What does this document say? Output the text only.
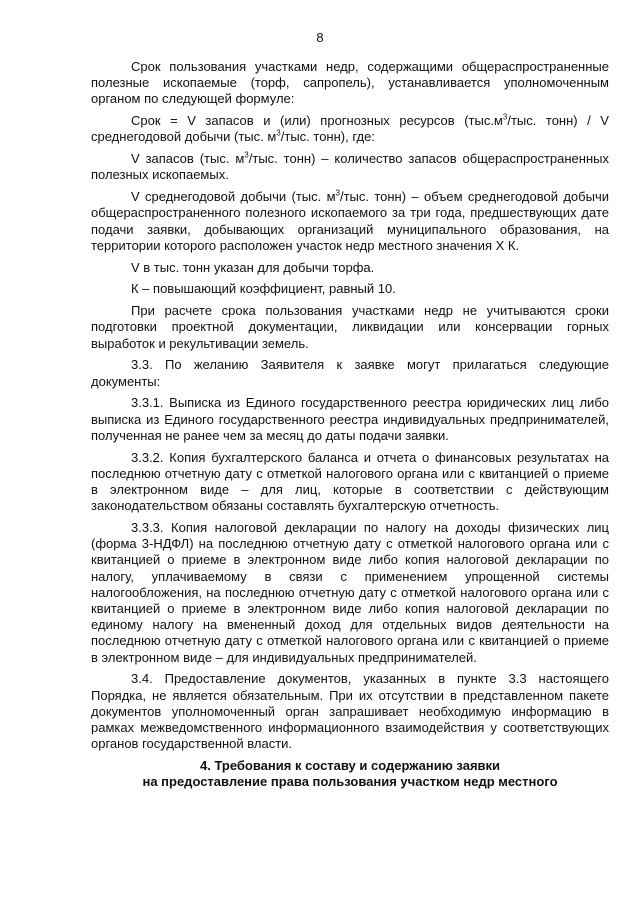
8

Срок пользования участками недр, содержащими общераспространенные полезные ископаемые (торф, сапропель), устанавливается уполномоченным органом по следующей формуле:

Срок = V запасов и (или) прогнозных ресурсов ($тыс.м^3$/тыс. тонн) / V среднегодовой добычи (тыс. $м^3$/тыс. тонн), где:

V запасов (тыс. $м^3$/тыс. тонн) – количество запасов общераспространенных полезных ископаемых.

V среднегодовой добычи (тыс. $м^3$/тыс. тонн) – объем среднегодовой добычи общераспространенного полезного ископаемого за три года, предшествующих дате подачи заявки, добывающих организаций муниципального образования, на территории которого расположен участок недр местного значения Х К.

V в тыс. тонн указан для добычи торфа.

К – повышающий коэффициент, равный 10.

При расчете срока пользования участками недр не учитываются сроки подготовки проектной документации, ликвидации или консервации горных выработок и рекультивации земель.

3.3. По желанию Заявителя к заявке могут прилагаться следующие документы:

3.3.1. Выписка из Единого государственного реестра юридических лиц либо выписка из Единого государственного реестра индивидуальных предпринимателей, полученная не ранее чем за месяц до даты подачи заявки.

3.3.2. Копия бухгалтерского баланса и отчета о финансовых результатах на последнюю отчетную дату с отметкой налогового органа или с квитанцией о приеме в электронном виде – для лиц, которые в соответствии с действующим законодательством обязаны составлять бухгалтерскую отчетность.

3.3.3. Копия налоговой декларации по налогу на доходы физических лиц (форма 3-НДФЛ) на последнюю отчетную дату с отметкой налогового органа или с квитанцией о приеме в электронном виде либо копия налоговой декларации по налогу, уплачиваемому в связи с применением упрощенной системы налогообложения, на последнюю отчетную дату с отметкой налогового органа или с квитанцией о приеме в электронном виде либо копия налоговой декларации по единому налогу на вмененный доход для отдельных видов деятельности на последнюю отчетную дату с отметкой налогового органа или с квитанцией о приеме в электронном виде – для индивидуальных предпринимателей.

3.4. Предоставление документов, указанных в пункте 3.3 настоящего Порядка, не является обязательным. При их отсутствии в представленном пакете документов уполномоченный орган запрашивает необходимую информацию в рамках межведомственного информационного взаимодействия у соответствующих органов государственной власти.

4. Требования к составу и содержанию заявки
на предоставление права пользования участком недр местного
